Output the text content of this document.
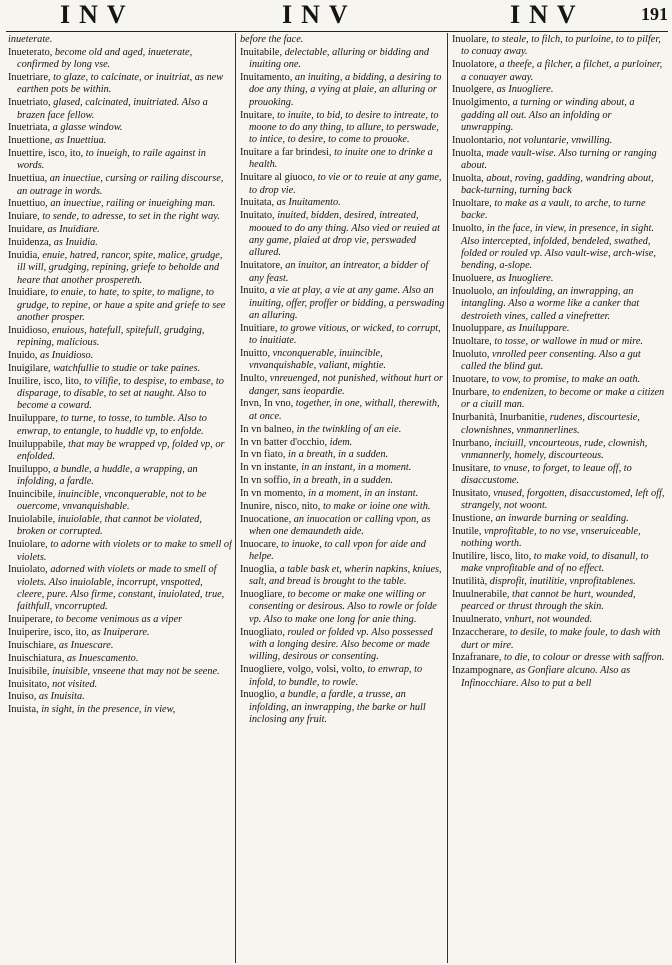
INV	INV	INV	191

inueterate.

Inueterato, become old and aged, inueterate, confirmed by long vse.

Inuetriare, to glaze, to calcinate, or inuitriat, as new earthen pots be within.

Inuetriato, glased, calcinated, inuitriated. Also a brazen face fellow.

Inuetriata, a glasse window.

Inuettione, as Inuettiua.

Inuettire, isco, ito, to inueigh, to raile against in words.

Inuettiua, an inuectiue, cursing or railing discourse, an outrage in words.

Inuettiuo, an inuectiue, railing or inueighing man.

Inuiare, to sende, to adresse, to set in the right way.

Inuidare, as Inuidiare.

Inuidenza, as Inuidia.

Inuidia, enuie, hatred, rancor, spite, malice, grudge, ill will, grudging, repining, griefe to beholde and heare that another prospereth.

Inuidiare, to enuie, to hate, to spite, to maligne, to grudge, to repine, or haue a spite and griefe to see another prosper.

Inuidioso, enuious, hatefull, spitefull, grudging, repining, malicious.

Inuido, as Inuidioso.

Inuigilare, watchfullie to studie or take paines.

Inuilire, isco, lito, to vilifie, to despise, to embase, to disparage, to disable, to set at naught. Also to become a coward.

Inuiluppare, to turne, to tosse, to tumble. Also to enwrap, to entangle, to huddle vp, to enfolde.

Inuiluppabile, that may be wrapped vp, folded vp, or enfolded.

Inuiluppo, a bundle, a huddle, a wrapping, an infolding, a fardle.

Inuincibile, inuincible, vnconquerable, not to be ouercome, vnvanquishable.

Inuiolabile, inuiolable, that cannot be violated, broken or corrupted.

Inuiolare, to adorne with violets or to make to smell of violets.

Inuiolato, adorned with violets or made to smell of violets. Also inuiolable, incorrupt, vnspotted, cleere, pure. Also firme, constant, inuiolated, true, faithfull, vncorrupted.

Inuiperare, to become venimous as a viper

Inuiperire, isco, ito, as Inuiperare.

Inuischiare, as Inuescare.

Inuischiatura, as Inuescamento.

Inuisibile, inuisible, vnseene that may not be seene.

Inuisitato, not visited.

Inuiso, as Inuisita.

Inuista, in sight, in the presence, in view,

before the face.

Inuitabile, delectable, alluring or bidding and inuiting one.

Inuitamento, an inuiting, a bidding, a desiring to doe any thing, a vying at plaie, an alluring or prouoking.

Inuitare, to inuite, to bid, to desire to intreate, to moone to do any thing, to allure, to perswade, to intice, to desire, to come to prouoke.

Inuitare a far brindesi, to inuite one to drinke a health.

Inuitare al giuoco, to vie or to reuie at any game, to drop vie.

Inuitata, as Inuitamento.

Inuitato, inuited, bidden, desired, intreated, mooued to do any thing. Also vied or reuied at any game, plaied at drop vie, perswaded allured.

Inuitatore, an inuitor, an intreator, a bidder of any feast.

Inuito, a vie at play, a vie at any game. Also an inuiting, offer, proffer or bidding, a perswading an alluring.

Inuitiare, to growe vitious, or wicked, to corrupt, to inuitiate.

Inuitto, vnconquerable, inuincible, vnvanquishable, valiant, mightie.

Inulto, vnreuenged, not punished, without hurt or danger, sans ieopardie.

Invn, In vno, together, in one, withall, therewith, at once.

In vn balneo, in the twinkling of an eie.

In vn batter d'occhio, idem.

In vn fiato, in a breath, in a sudden.

In vn instante, in an instant, in a moment.

In vn soffio, in a breath, in a sudden.

In vn momento, in a moment, in an instant.

Inunire, nisco, nito, to make or ioine one with.

Inuocatione, an inuocation or calling vpon, as when one demaundeth aide.

Inuocare, to inuoke, to call vpon for aide and helpe.

Inuoglia, a table bask et, wherin napkins, kniues, salt, and bread is brought to the table.

Inuogliare, to become or make one willing or consenting or desirous. Also to rowle or folde vp. Also to make one long for anie thing.

Inuogliato, rouled or folded vp. Also possessed with a longing desire. Also become or made willing, desirous or consenting.

Inuogliere, volgo, volsi, volto, to enwrap, to infold, to bundle, to rowle.

Inuoglio, a bundle, a fardle, a trusse, an infolding, an inwrapping, the barke or hull inclosing any fruit.

Inuolare, to steale, to filch, to purloine, to to pilfer, to conuay away.

Inuolatore, a theefe, a filcher, a filchet, a purloiner, a conuayer away.

Inuolgere, as Inuogliere.

Inuolgimento, a turning or winding about, a gadding all out. Also an infolding or unwrapping.

Inuolontario, not voluntarie, vnwilling.

Inuolta, made vault-wise. Also turning or ranging about.

Inuolta, about, roving, gadding, wandring about, back-turning, turning back

Inuoltare, to make as a vault, to arche, to turne backe.

Inuolto, in the face, in view, in presence, in sight. Also intercepted, infolded, bendeled, swathed, folded or rouled vp. Also vault-wise, arch-wise, bending, a-slope.

Inuoluere, as Inuogliere.

Inuoluolo, an infoulding, an inwrapping, an intangling. Also a worme like a canker that destroieth vines, called a vinefretter.

Inuoluppare, as Inuiluppare.

Inuoltare, to tosse, or wallowe in mud or mire.

Inuoluto, vnrolled peer consenting. Also a gut called the blind gut.

Inuotare, to vow, to promise, to make an oath.

Inurbare, to endenizen, to become or make a citizen or a ciuill man.

Inurbanità, Inurbanitie, rudenes, discourtesie, clownishnes, vnmannerlines.

Inurbano, inciuill, vncourteous, rude, clownish, vnmannerly, homely, discourteous.

Inusitare, to vnuse, to forget, to leaue off, to disaccustome.

Inusitato, vnused, forgotten, disaccustomed, left off, strangely, not woont.

Inustione, an inwarde burning or sealding.

Inutile, vnprofitable, to no vse, vnseruiceable, nothing worth.

Inutilire, lisco, lito, to make void, to disanull, to make vnprofitable and of no effect.

Inutilità, disprofit, inutilitie, vnprofitablenes.

Inuulnerabile, that cannot be hurt, wounded, pearced or thrust through the skin.

Inuulnerato, vnhurt, not wounded.

Inzaccherare, to desile, to make foule, to dash with durt or mire.

Inzafranare, to die, to colour or dresse with saffron.

Inzampognare, as Gonfiare alcuno. Also as Infinocchiare. Also to put a bell
